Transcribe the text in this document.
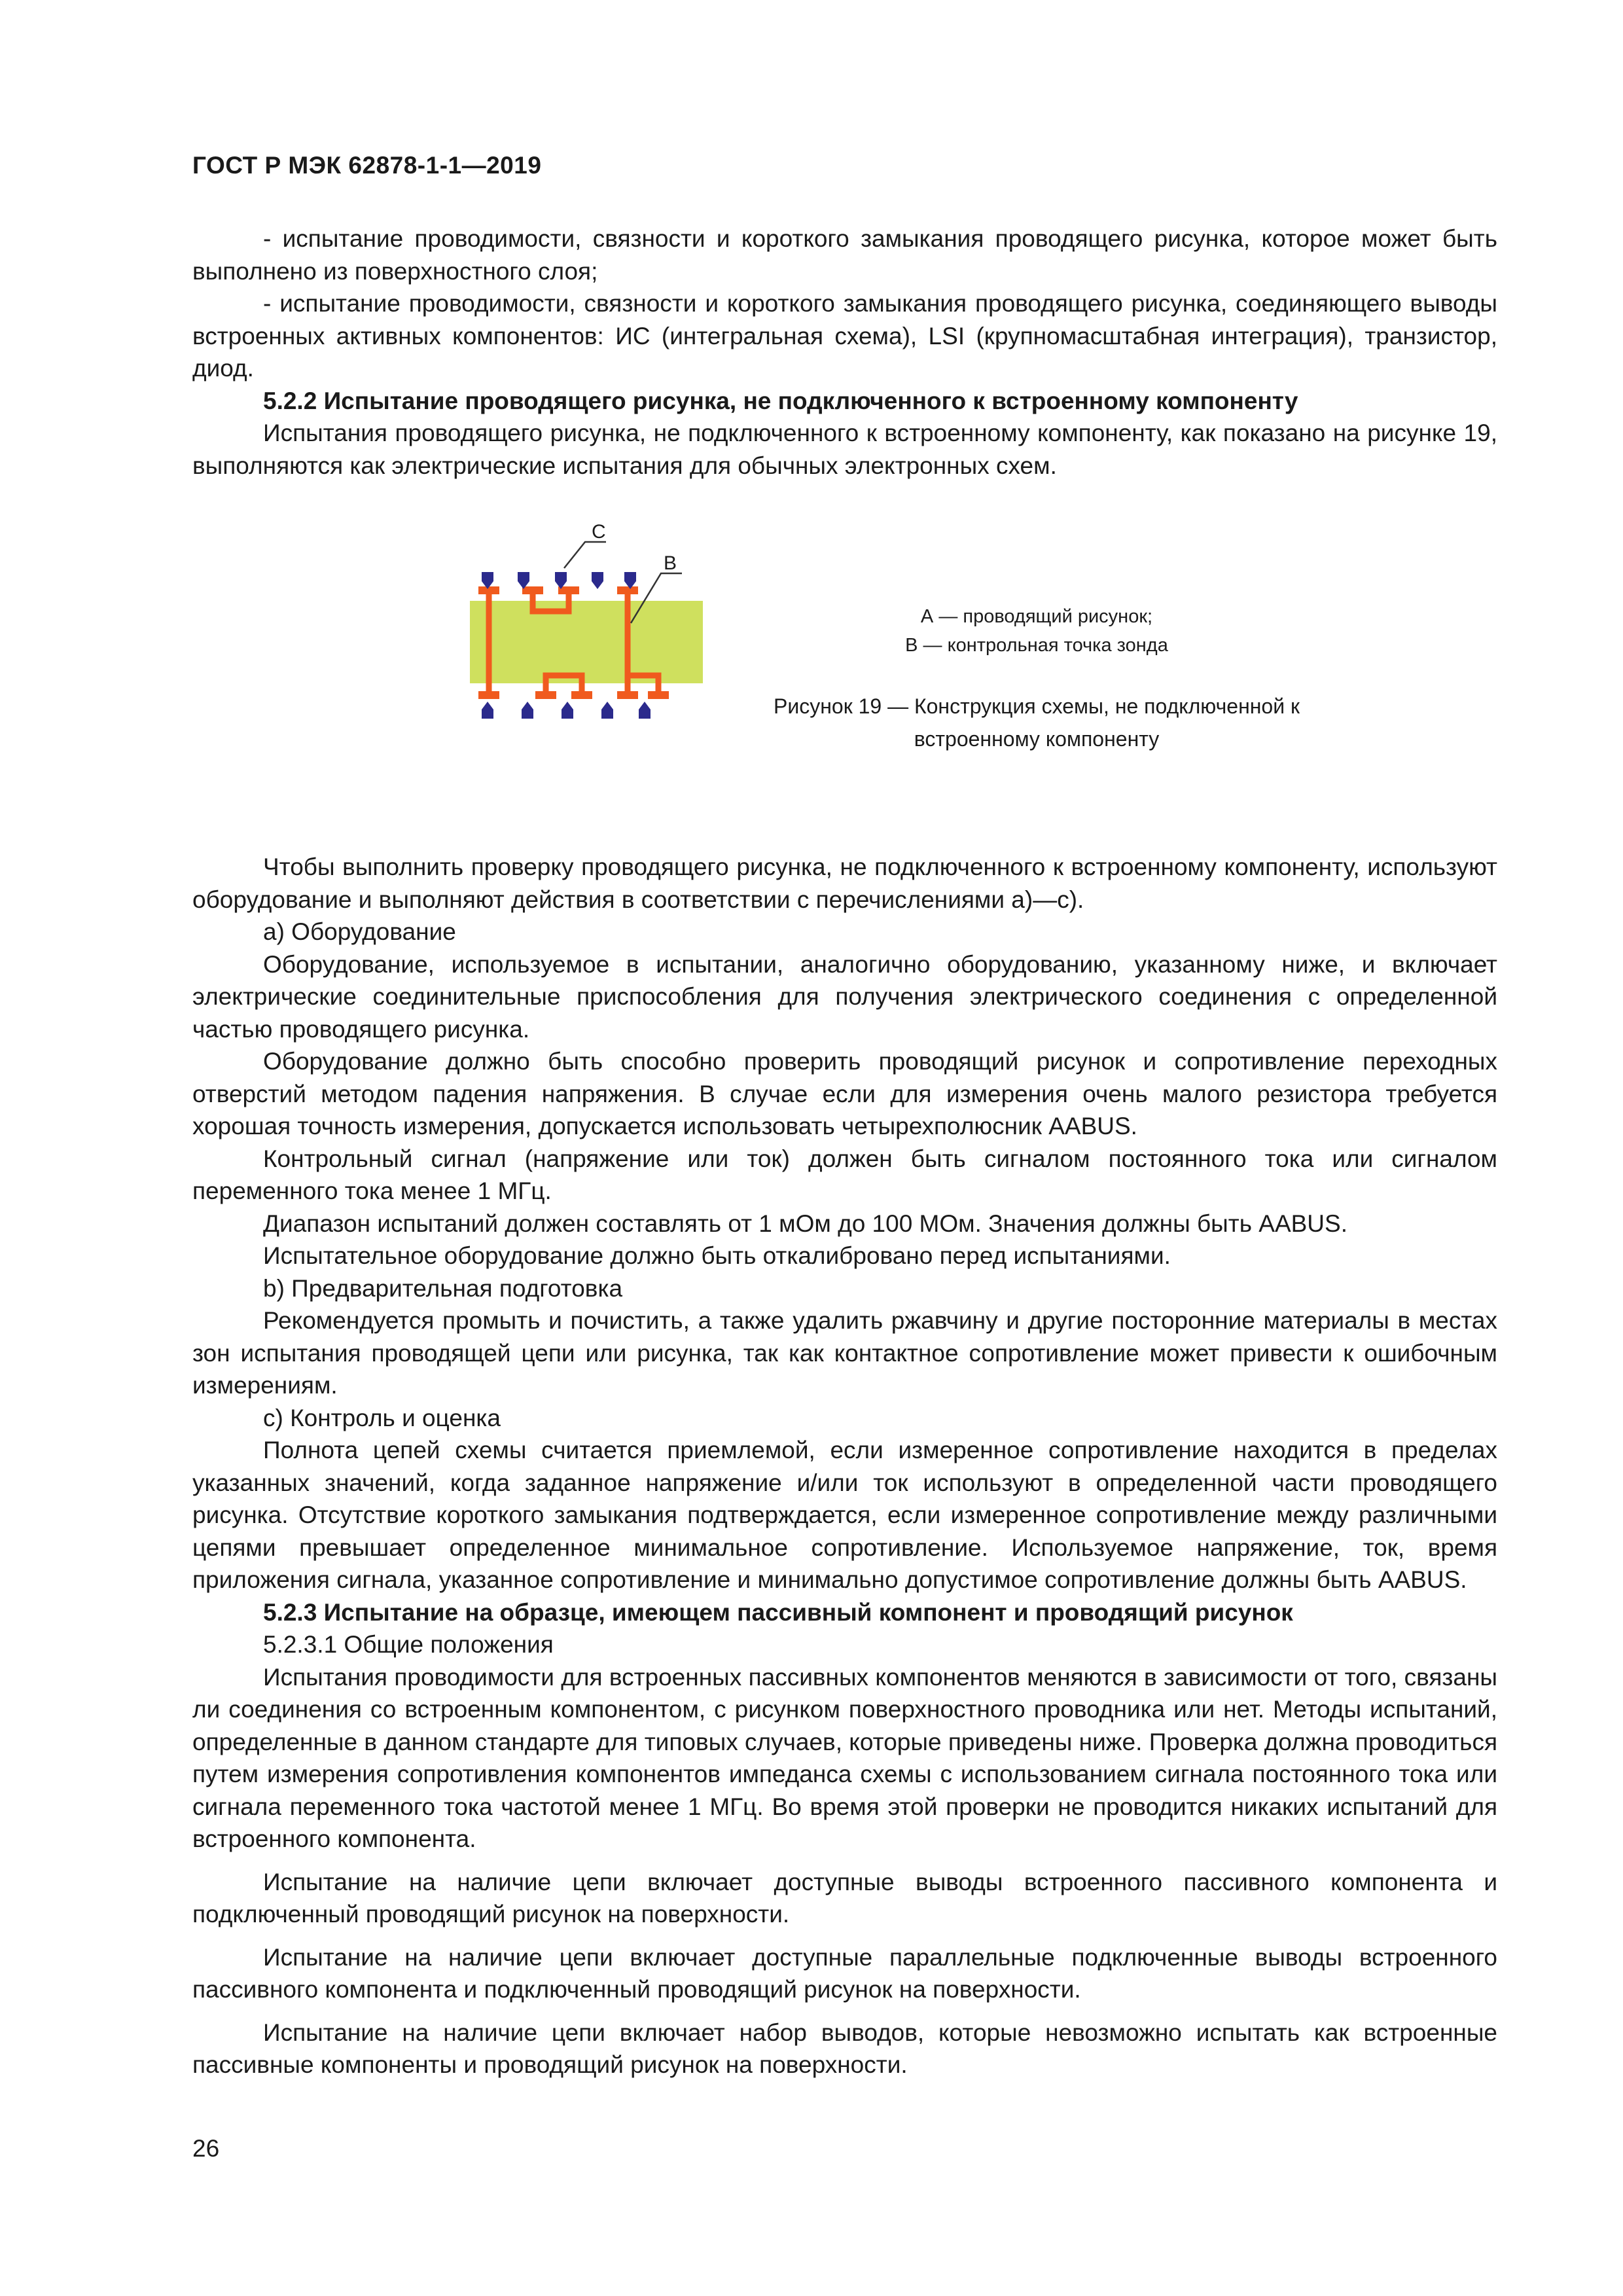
ГОСТ Р МЭК 62878-1-1—2019

- испытание проводимости, связности и короткого замыкания проводящего рисунка, которое может быть выполнено из поверхностного слоя;

- испытание проводимости, связности и короткого замыкания проводящего рисунка, соединяющего выводы встроенных активных компонентов: ИС (интегральная схема), LSI (крупномасштабная интеграция), транзистор, диод.

5.2.2 Испытание проводящего рисунка, не подключенного к встроенному компоненту

Испытания проводящего рисунка, не подключенного к встроенному компоненту, как показано на рисунке 19, выполняются как электрические испытания для обычных электронных схем.

C
B
А — проводящий рисунок;
В — контрольная точка зонда
Рисунок 19 — Конструкция схемы, не подключенной к встроенному компоненту

Чтобы выполнить проверку проводящего рисунка, не подключенного к встроенному компоненту, используют оборудование и выполняют действия в соответствии с перечислениями а)—с).

а) Оборудование

Оборудование, используемое в испытании, аналогично оборудованию, указанному ниже, и включает электрические соединительные приспособления для получения электрического соединения с определенной частью проводящего рисунка.

Оборудование должно быть способно проверить проводящий рисунок и сопротивление переходных отверстий методом падения напряжения. В случае если для измерения очень малого резистора требуется хорошая точность измерения, допускается использовать четырехполюсник AABUS.

Контрольный сигнал (напряжение или ток) должен быть сигналом постоянного тока или сигналом переменного тока менее 1 МГц.

Диапазон испытаний должен составлять от 1 мОм до 100 МОм. Значения должны быть AABUS.

Испытательное оборудование должно быть откалибровано перед испытаниями.

b) Предварительная подготовка

Рекомендуется промыть и почистить, а также удалить ржавчину и другие посторонние материалы в местах зон испытания проводящей цепи или рисунка, так как контактное сопротивление может привести к ошибочным измерениям.

с) Контроль и оценка

Полнота цепей схемы считается приемлемой, если измеренное сопротивление находится в пределах указанных значений, когда заданное напряжение и/или ток используют в определенной части проводящего рисунка. Отсутствие короткого замыкания подтверждается, если измеренное сопротивление между различными цепями превышает определенное минимальное сопротивление. Используемое напряжение, ток, время приложения сигнала, указанное сопротивление и минимально допустимое сопротивление должны быть AABUS.

5.2.3 Испытание на образце, имеющем пассивный компонент и проводящий рисунок

5.2.3.1 Общие положения

Испытания проводимости для встроенных пассивных компонентов меняются в зависимости от того, связаны ли соединения со встроенным компонентом, с рисунком поверхностного проводника или нет. Методы испытаний, определенные в данном стандарте для типовых случаев, которые приведены ниже. Проверка должна проводиться путем измерения сопротивления компонентов импеданса схемы с использованием сигнала постоянного тока или сигнала переменного тока частотой менее 1 МГц. Во время этой проверки не проводится никаких испытаний для встроенного компонента.

Испытание на наличие цепи включает доступные выводы встроенного пассивного компонента и подключенный проводящий рисунок на поверхности.

Испытание на наличие цепи включает доступные параллельные подключенные выводы встроенного пассивного компонента и подключенный проводящий рисунок на поверхности.

Испытание на наличие цепи включает набор выводов, которые невозможно испытать как встроенные пассивные компоненты и проводящий рисунок на поверхности.

26
